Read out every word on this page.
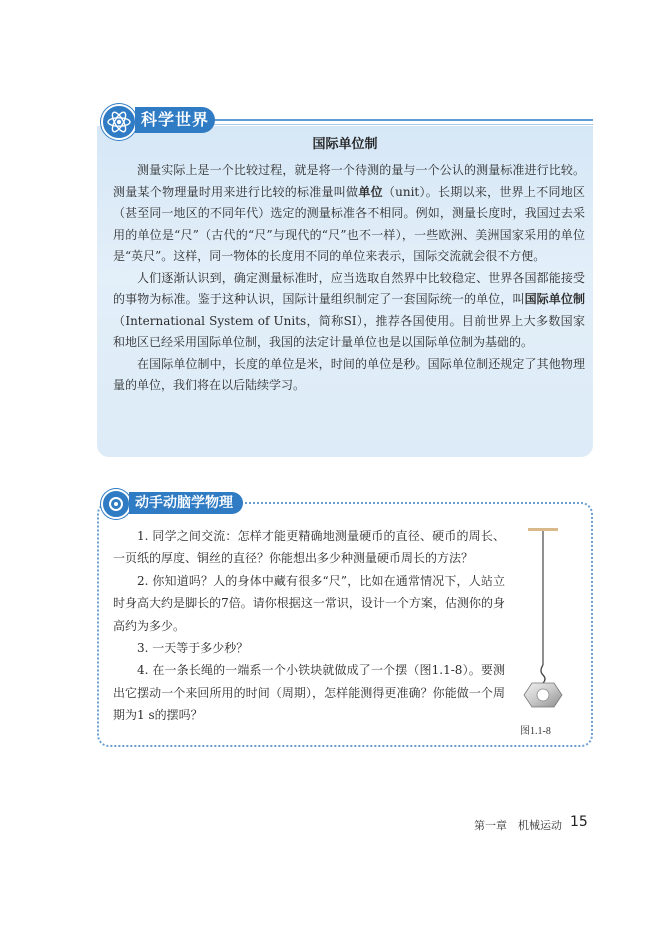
科学世界
国际单位制

测量实际上是一个比较过程，就是将一个待测的量与一个公认的测量标准进行比较。测量某个物理量时用来进行比较的标准量叫做单位（unit）。长期以来，世界上不同地区（甚至同一地区的不同年代）选定的测量标准各不相同。例如，测量长度时，我国过去采用的单位是“尺”（古代的“尺”与现代的“尺”也不一样），一些欧洲、美洲国家采用的单位是“英尺”。这样，同一物体的长度用不同的单位来表示，国际交流就会很不方便。

人们逐渐认识到，确定测量标准时，应当选取自然界中比较稳定、世界各国都能接受的事物为标准。鉴于这种认识，国际计量组织制定了一套国际统一的单位，叫国际单位制（International System of Units，简称SI），推荐各国使用。目前世界上大多数国家和地区已经采用国际单位制，我国的法定计量单位也是以国际单位制为基础的。

在国际单位制中，长度的单位是米，时间的单位是秒。国际单位制还规定了其他物理量的单位，我们将在以后陆续学习。

动手动脑学物理

1. 同学之间交流：怎样才能更精确地测量硬币的直径、硬币的周长、一页纸的厚度、铜丝的直径？你能想出多少种测量硬币周长的方法？

2. 你知道吗？人的身体中藏有很多“尺”，比如在通常情况下，人站立时身高大约是脚长的7倍。请你根据这一常识，设计一个方案，估测你的身高约为多少。

3. 一天等于多少秒？

4. 在一条长绳的一端系一个小铁块就做成了一个摆（图1.1-8）。要测出它摆动一个来回所用的时间（周期），怎样能测得更准确？你能做一个周期为1 s的摆吗？

图1.1-8
第一章　机械运动 15
